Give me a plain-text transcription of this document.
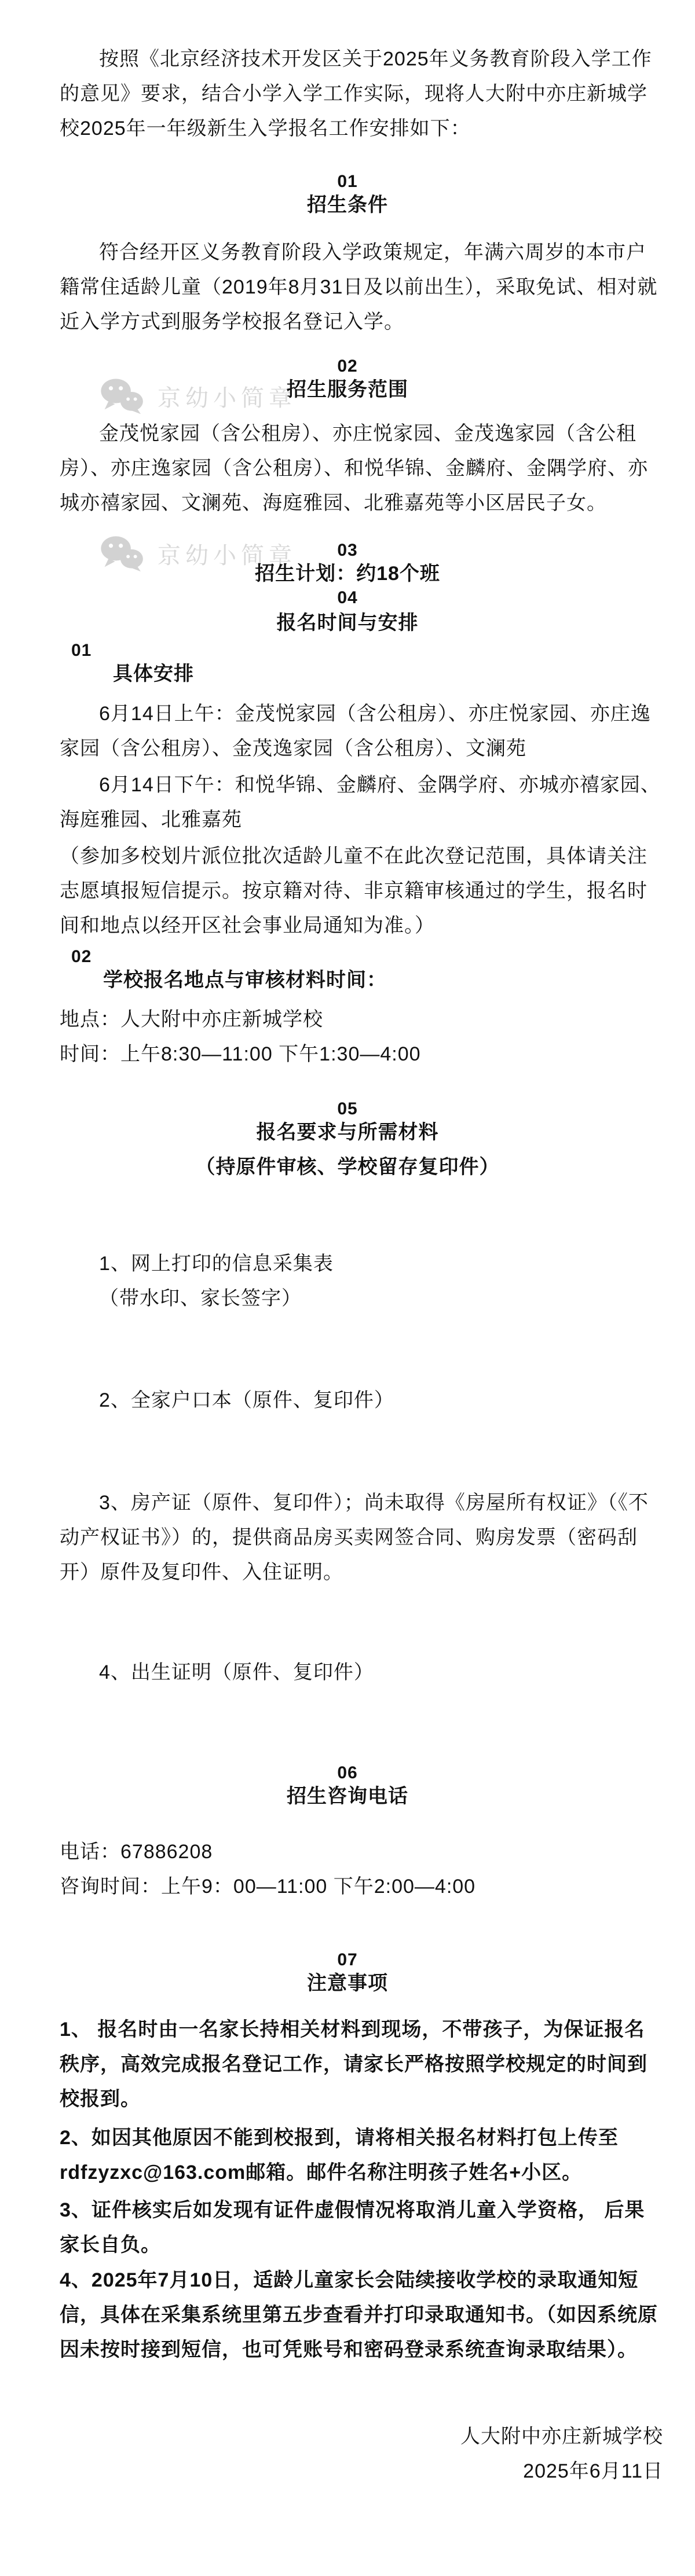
京幼小简章
京幼小简章

按照《北京经济技术开发区关于2025年义务教育阶段入学工作的意见》要求，结合小学入学工作实际，现将人大附中亦庄新城学校2025年一年级新生入学报名工作安排如下：

01
招生条件

符合经开区义务教育阶段入学政策规定，年满六周岁的本市户籍常住适龄儿童（2019年8月31日及以前出生），采取免试、相对就近入学方式到服务学校报名登记入学。

02
招生服务范围

金茂悦家园（含公租房）、亦庄悦家园、金茂逸家园（含公租房）、亦庄逸家园（含公租房）、和悦华锦、金麟府、金隅学府、亦城亦禧家园、文澜苑、海庭雅园、北雅嘉苑等小区居民子女。

03
招生计划：约18个班
04
报名时间与安排
01
具体安排

6月14日上午：金茂悦家园（含公租房）、亦庄悦家园、亦庄逸家园（含公租房）、金茂逸家园（含公租房）、文澜苑

6月14日下午：和悦华锦、金麟府、金隅学府、亦城亦禧家园、海庭雅园、北雅嘉苑

（参加多校划片派位批次适龄儿童不在此次登记范围，具体请关注志愿填报短信提示。按京籍对待、非京籍审核通过的学生，报名时间和地点以经开区社会事业局通知为准。）

02
学校报名地点与审核材料时间：

地点：人大附中亦庄新城学校

时间：上午8:30—11:00 下午1:30—4:00

05
报名要求与所需材料
（持原件审核、学校留存复印件）

1、网上打印的信息采集表

（带水印、家长签字）

2、全家户口本（原件、复印件）

3、房产证（原件、复印件）；尚未取得《房屋所有权证》（《不动产权证书》）的，提供商品房买卖网签合同、购房发票（密码刮开）原件及复印件、入住证明。

4、出生证明（原件、复印件）

06
招生咨询电话

电话：67886208

咨询时间：上午9：00—11:00 下午2:00—4:00

07
注意事项

1、 报名时由一名家长持相关材料到现场，不带孩子，为保证报名秩序，高效完成报名登记工作，请家长严格按照学校规定的时间到校报到。

2、如因其他原因不能到校报到，请将相关报名材料打包上传至rdfzyzxc@163.com邮箱。邮件名称注明孩子姓名+小区。

3、证件核实后如发现有证件虚假情况将取消儿童入学资格， 后果家长自负。

4、2025年7月10日，适龄儿童家长会陆续接收学校的录取通知短信，具体在采集系统里第五步查看并打印录取通知书。（如因系统原因未按时接到短信，也可凭账号和密码登录系统查询录取结果）。

人大附中亦庄新城学校

2025年6月11日
